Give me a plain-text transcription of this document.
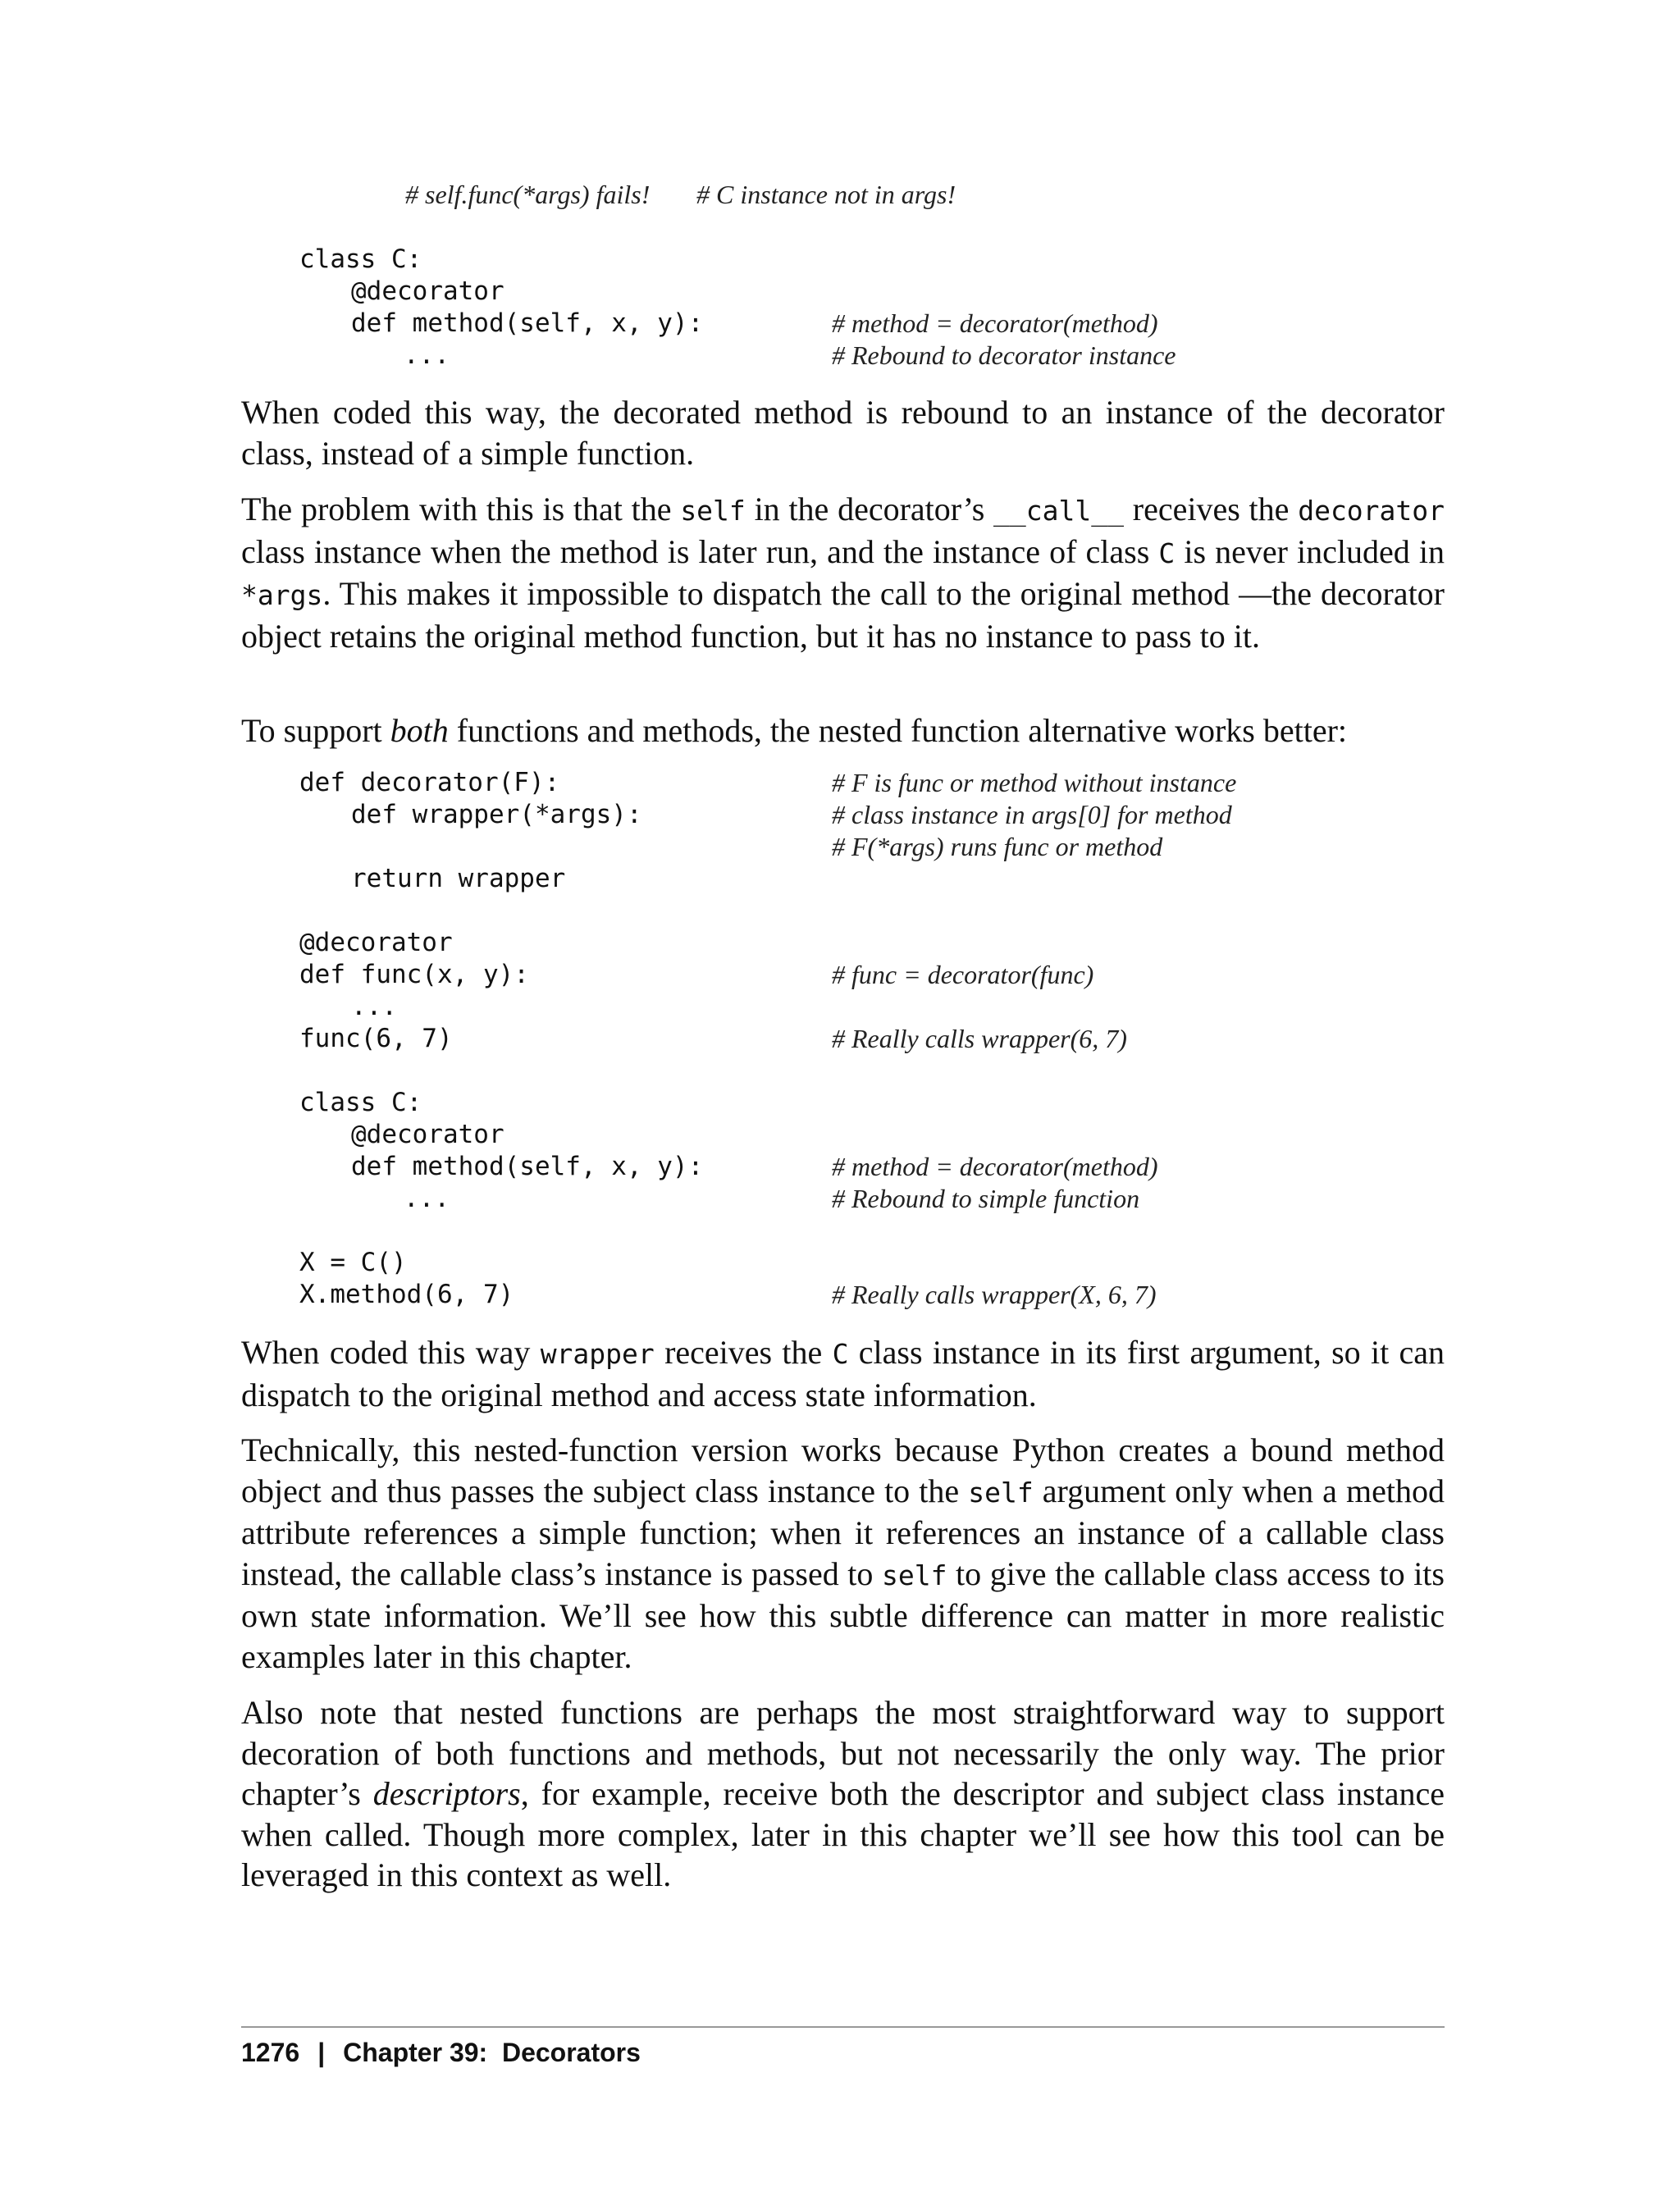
# self.func(*args) fails! # C instance not in args!
class C:
@decorator
def method(self, x, y):
...
# method = decorator(method)
# Rebound to decorator instance
When coded this way, the decorated method is rebound to an instance of the decorator class, instead of a simple function.
The problem with this is that the self in the decorator’s __call__ receives the decorator class instance when the method is later run, and the instance of class C is never included in *args. This makes it impossible to dispatch the call to the original method —the decorator object retains the original method function, but it has no instance to pass to it.
To support both functions and methods, the nested function alternative works better:
def decorator(F):
def wrapper(*args):
return wrapper
@decorator
def func(x, y):
...
func(6, 7)
class C:
@decorator
def method(self, x, y):
...
X = C()
X.method(6, 7)
# F is func or method without instance
# class instance in args[0] for method
# F(*args) runs func or method
# func = decorator(func)
# Really calls wrapper(6, 7)
# method = decorator(method)
# Rebound to simple function
# Really calls wrapper(X, 6, 7)
When coded this way wrapper receives the C class instance in its first argument, so it can dispatch to the original method and access state information.
Technically, this nested-function version works because Python creates a bound method object and thus passes the subject class instance to the self argument only when a method attribute references a simple function; when it references an instance of a callable class instead, the callable class’s instance is passed to self to give the callable class access to its own state information. We’ll see how this subtle difference can matter in more realistic examples later in this chapter.
Also note that nested functions are perhaps the most straightforward way to support decoration of both functions and methods, but not necessarily the only way. The prior chapter’s descriptors, for example, receive both the descriptor and subject class instance when called. Though more complex, later in this chapter we’ll see how this tool can be leveraged in this context as well.
1276 | Chapter 39:  Decorators
